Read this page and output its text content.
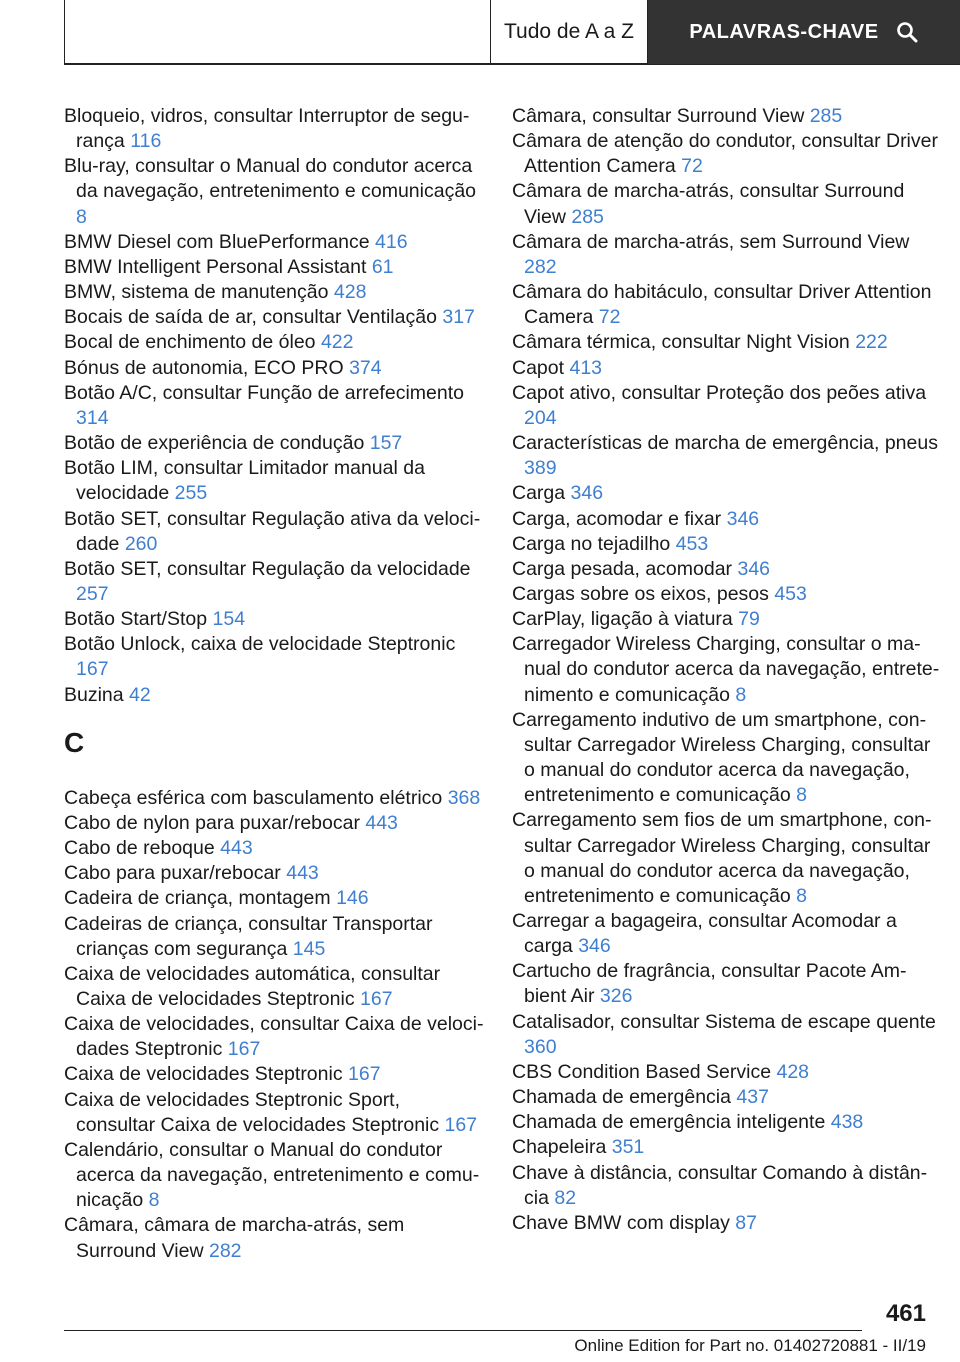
Tudo de A a Z	PALAVRAS-CHAVE
Bloqueio, vidros, consultar Interruptor de segurança 116
Blu-ray, consultar o Manual do condutor acerca da navegação, entretenimento e comunicação 8
BMW Diesel com BluePerformance 416
BMW Intelligent Personal Assistant 61
BMW, sistema de manutenção 428
Bocais de saída de ar, consultar Ventilação 317
Bocal de enchimento de óleo 422
Bónus de autonomia, ECO PRO 374
Botão A/C, consultar Função de arrefecimento 314
Botão de experiência de condução 157
Botão LIM, consultar Limitador manual da velocidade 255
Botão SET, consultar Regulação ativa da velocidade 260
Botão SET, consultar Regulação da velocidade 257
Botão Start/Stop 154
Botão Unlock, caixa de velocidade Steptronic 167
Buzina 42
C
Cabeça esférica com basculamento elétrico 368
Cabo de nylon para puxar/rebocar 443
Cabo de reboque 443
Cabo para puxar/rebocar 443
Cadeira de criança, montagem 146
Cadeiras de criança, consultar Transportar crianças com segurança 145
Caixa de velocidades automática, consultar Caixa de velocidades Steptronic 167
Caixa de velocidades, consultar Caixa de velocidades Steptronic 167
Caixa de velocidades Steptronic 167
Caixa de velocidades Steptronic Sport, consultar Caixa de velocidades Steptronic 167
Calendário, consultar o Manual do condutor acerca da navegação, entretenimento e comunicação 8
Câmara, câmara de marcha-atrás, sem Surround View 282
Câmara, consultar Surround View 285
Câmara de atenção do condutor, consultar Driver Attention Camera 72
Câmara de marcha-atrás, consultar Surround View 285
Câmara de marcha-atrás, sem Surround View 282
Câmara do habitáculo, consultar Driver Attention Camera 72
Câmara térmica, consultar Night Vision 222
Capot 413
Capot ativo, consultar Proteção dos peões ativa 204
Características de marcha de emergência, pneus 389
Carga 346
Carga, acomodar e fixar 346
Carga no tejadilho 453
Carga pesada, acomodar 346
Cargas sobre os eixos, pesos 453
CarPlay, ligação à viatura 79
Carregador Wireless Charging, consultar o manual do condutor acerca da navegação, entretenimento e comunicação 8
Carregamento indutivo de um smartphone, consultar Carregador Wireless Charging, consultar o manual do condutor acerca da navegação, entretenimento e comunicação 8
Carregamento sem fios de um smartphone, consultar Carregador Wireless Charging, consultar o manual do condutor acerca da navegação, entretenimento e comunicação 8
Carregar a bagageira, consultar Acomodar a carga 346
Cartucho de fragrância, consultar Pacote Ambient Air 326
Catalisador, consultar Sistema de escape quente 360
CBS Condition Based Service 428
Chamada de emergência 437
Chamada de emergência inteligente 438
Chapeleira 351
Chave à distância, consultar Comando à distância 82
Chave BMW com display 87
461
Online Edition for Part no. 01402720881 - II/19
